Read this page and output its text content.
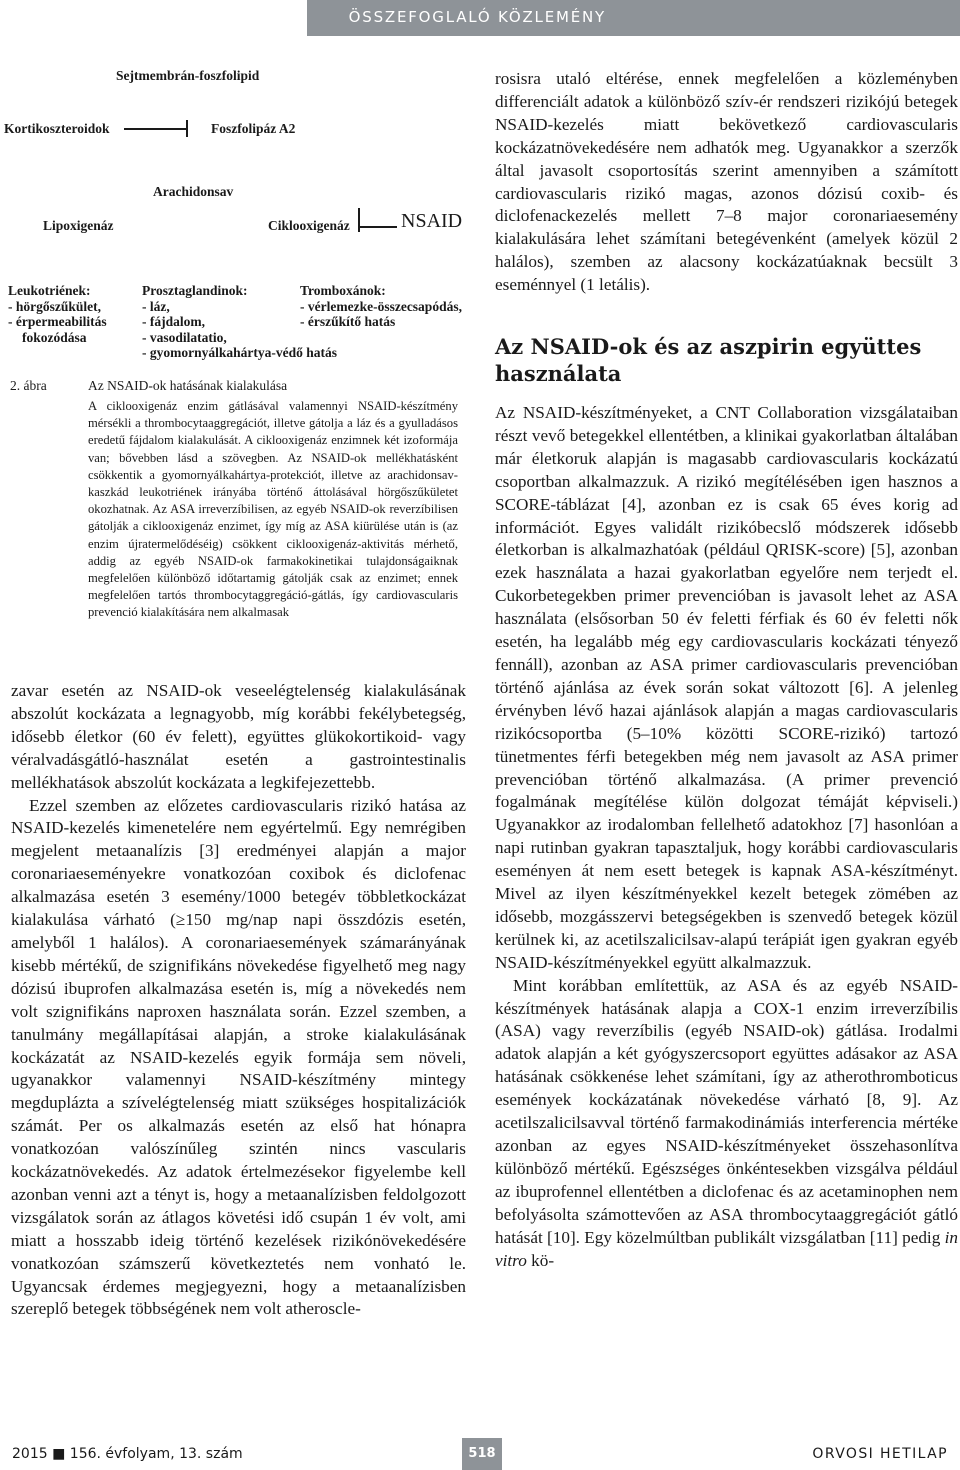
ÖSSZEFOGLALÓ KÖZLEMÉNY
Sejtmembrán-foszfolipid
Kortikoszteroidok	Foszfolipáz A2
Arachidonsav
Lipoxigenáz	Ciklooxigenáz	NSAID
Leukotriének:
- hörgőszűkület,
- érpermeabilitás
fokozódása
Prosztaglandinok:
- láz,
- fájdalom,
- vasodilatatio,
- gyomornyálkahártya-védő hatás
Tromboxánok:
- vérlemezke-összecsapódás,
- érszűkítő hatás
2. ábra	Az NSAID-ok hatásának kialakulása
A ciklooxigenáz enzim gátlásával valamennyi NSAID-készítmény mérsékli a thrombocytaaggregációt, illetve gátolja a láz és a gyulladásos eredetű fájdalom kialakulását. A ciklooxigenáz enzimnek két izoformája van; bővebben lásd a szövegben. Az NSAID-ok mellékhatásként csökkentik a gyomornyálkahártya-protekciót, illetve az arachidonsav-kaszkád leukotriének irányába történő áttolásával hörgőszűkületet okozhatnak. Az ASA irreverzíbilisen, az egyéb NSAID-ok reverzíbilisen gátolják a ciklooxigenáz enzimet, így míg az ASA kiürülése után is (az enzim újratermelődéséig) csökkent ciklooxigenáz-aktivitás mérhető, addig az egyéb NSAID-ok farmakokinetikai tulajdonságaiknak megfelelően különböző időtartamig gátolják csak az enzimet; ennek megfelelően tartós thrombocytaggregáció-gátlás, így cardiovascularis prevenció kialakítására nem alkalmasak

zavar esetén az NSAID-ok veseelégtelenség kialakulásának abszolút kockázata a legnagyobb, míg korábbi fekélybetegség, idősebb életkor (60 év felett), együttes glükokortikoid- vagy véralvadásgátló-használat esetén a gastrointestinalis mellékhatások abszolút kockázata a legkifejezettebb.

Ezzel szemben az előzetes cardiovascularis rizikó hatása az NSAID-kezelés kimenetelére nem egyértelmű. Egy nemrégiben megjelent metaanalízis [3] eredményei alapján a major coronariaeseményekre vonatkozóan coxibok és diclofenac alkalmazása esetén 3 esemény/1000 betegév többletkockázat kialakulása várható (≥150 mg/nap napi összdózis esetén, amelyből 1 halálos). A coronariaesemények számarányának kisebb mértékű, de szignifikáns növekedése figyelhető meg nagy dózisú ibuprofen alkalmazása esetén is, míg a növekedés nem volt szignifikáns naproxen használata során. Ezzel szemben, a tanulmány megállapításai alapján, a stroke kialakulásának kockázatát az NSAID-kezelés egyik formája sem növeli, ugyanakkor valamennyi NSAID-készítmény mintegy megduplázta a szívelégtelenség miatt szükséges hospitalizációk számát. Per os alkalmazás esetén az első hat hónapra vonatkozóan valószínűleg szintén nincs vascularis kockázatnövekedés. Az adatok értelmezésekor figyelembe kell azonban venni azt a tényt is, hogy a metaanalízisben feldolgozott vizsgálatok során az átlagos követési idő csupán 1 év volt, ami miatt a hosszabb ideig történő kezelések rizikónövekedésére vonatkozóan számszerű következtetés nem vonható le. Ugyancsak érdemes megjegyezni, hogy a metaanalízisben szereplő betegek többségének nem volt atheroscle-

rosisra utaló eltérése, ennek megfelelően a közleményben differenciált adatok a különböző szív-ér rendszeri rizikójú betegek NSAID-kezelés miatt bekövetkező cardiovascularis kockázatnövekedésére nem adhatók meg. Ugyanakkor a szerzők által javasolt csoportosítás szerint amennyiben a számított cardiovascularis rizikó magas, azonos dózisú coxib- és diclofenackezelés mellett 7–8 major coronariaesemény kialakulására lehet számítani betegévenként (amelyek közül 2 halálos), szemben az alacsony kockázatúaknak becsült 3 eseménnyel (1 letális).

Az NSAID-ok és az aszpirin együttes használata

Az NSAID-készítményeket, a CNT Collaboration vizsgálataiban részt vevő betegekkel ellentétben, a klinikai gyakorlatban általában már életkoruk alapján is magasabb cardiovascularis kockázatú csoportban alkalmazzuk. A rizikó megítélésében igen hasznos a SCORE-táblázat [4], azonban ez is csak 65 éves korig ad információt. Egyes validált rizikóbecslő módszerek idősebb életkorban is alkalmazhatóak (például QRISK-score) [5], azonban ezek használata a hazai gyakorlatban egyelőre nem terjedt el. Cukorbetegekben primer prevencióban is javasolt lehet az ASA használata (elsősorban 50 év feletti férfiak és 60 év feletti nők esetén, ha legalább még egy cardiovascularis kockázati tényező fennáll), azonban az ASA primer cardiovascularis prevencióban történő ajánlása az évek során sokat változott [6]. A jelenleg érvényben lévő hazai ajánlások alapján a magas cardiovascularis rizikócsoportba (5–10% közötti SCORE-rizikó) tartozó tünetmentes férfi betegekben még nem javasolt az ASA primer prevencióban történő alkalmazása. (A primer prevenció fogalmának megítélése külön dolgozat témáját képviseli.) Ugyanakkor az irodalomban fellelhető adatokhoz [7] hasonlóan a napi rutinban gyakran tapasztaljuk, hogy korábbi cardiovascularis eseményen át nem esett betegek is kapnak ASA-készítményt. Mivel az ilyen készítményekkel kezelt betegek zömében az idősebb, mozgásszervi betegségekben is szenvedő betegek közül kerülnek ki, az acetilszalicilsav-alapú terápiát igen gyakran egyéb NSAID-készítményekkel együtt alkalmazzuk.

Mint korábban említettük, az ASA és az egyéb NSAID-készítmények hatásának alapja a COX-1 enzim irreverzíbilis (ASA) vagy reverzíbilis (egyéb NSAID-ok) gátlása. Irodalmi adatok alapján a két gyógyszercsoport együttes adásakor az ASA hatásának csökkenése lehet számítani, így az atherothromboticus események kockázatának növekedése várható [8, 9]. Az acetilszalicilsavval történő farmakodinámiás interferencia mértéke azonban az egyes NSAID-készítményeket összehasonlítva különböző mértékű. Egészséges önkéntesekben vizsgálva például az ibuprofennel ellentétben a diclofenac és az acetaminophen nem befolyásolta számottevően az ASA thrombocytaaggregációt gátló hatását [10]. Egy közelmúltban publikált vizsgálatban [11] pedig in vitro kö-

2015 ■ 156. évfolyam, 13. szám	518	ORVOSI HETILAP
